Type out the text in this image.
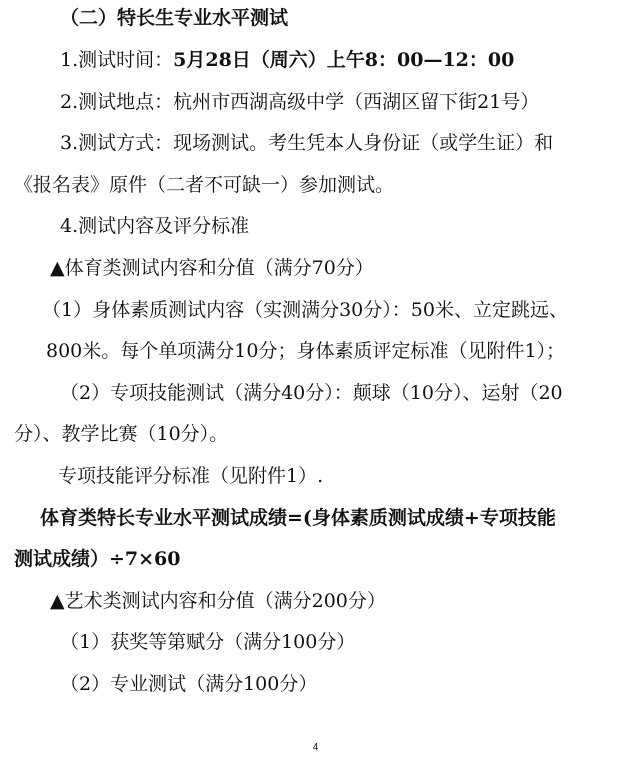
（二）特长生专业水平测试
1.测试时间：5月28日（周六）上午8：00—12：00
2.测试地点：杭州市西湖高级中学（西湖区留下街21号）
3.测试方式：现场测试。考生凭本人身份证（或学生证）和
《报名表》原件（二者不可缺一）参加测试。
4.测试内容及评分标准
▲体育类测试内容和分值（满分70分）
（1）身体素质测试内容（实测满分30分）：50米、立定跳远、
800米。每个单项满分10分；身体素质评定标准（见附件1）；
（2）专项技能测试（满分40分）：颠球（10分）、运射（20
分）、教学比赛（10分）。
专项技能评分标准（见附件1）.
体育类特长专业水平测试成绩=(身体素质测试成绩+专项技能
测试成绩）÷7×60
▲艺术类测试内容和分值（满分200分）
（1）获奖等第赋分（满分100分）
（2）专业测试（满分100分）
4
